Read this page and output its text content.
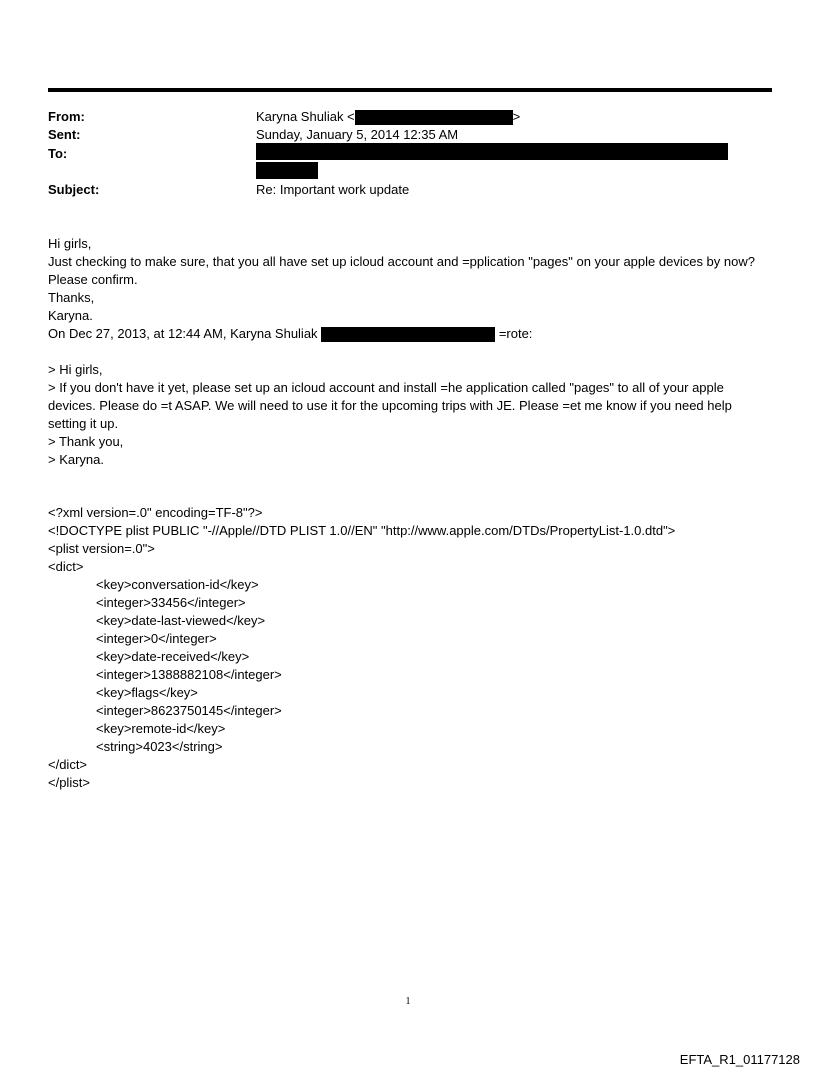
From:	Karyna Shuliak <	>
Sent:	Sunday, January 5, 2014 12:35 AM
To:
Subject:	Re: Important work update

Hi girls,

Just checking to make sure, that you all have set up icloud account and =pplication "pages" on your apple devices by now?

Please confirm.

Thanks,

Karyna.

On Dec 27, 2013, at 12:44 AM, Karyna Shuliak	=rote:

> Hi girls,

> If you don't have it yet, please set up an icloud account and install =he application called "pages" to all of your apple devices. Please do =t ASAP. We will need to use it for the upcoming trips with JE. Please =et me know if you need help setting it up.

> Thank you,

> Karyna.

<?xml version=.0" encoding=TF-8"?>
<!DOCTYPE plist PUBLIC "-//Apple//DTD PLIST 1.0//EN" "http://www.apple.com/DTDs/PropertyList-1.0.dtd">
<plist version=.0">
<dict>
<key>conversation-id</key>
<integer>33456</integer>
<key>date-last-viewed</key>
<integer>0</integer>
<key>date-received</key>
<integer>1388882108</integer>
<key>flags</key>
<integer>8623750145</integer>
<key>remote-id</key>
<string>4023</string>
</dict>
</plist>
1
EFTA_R1_01177128
